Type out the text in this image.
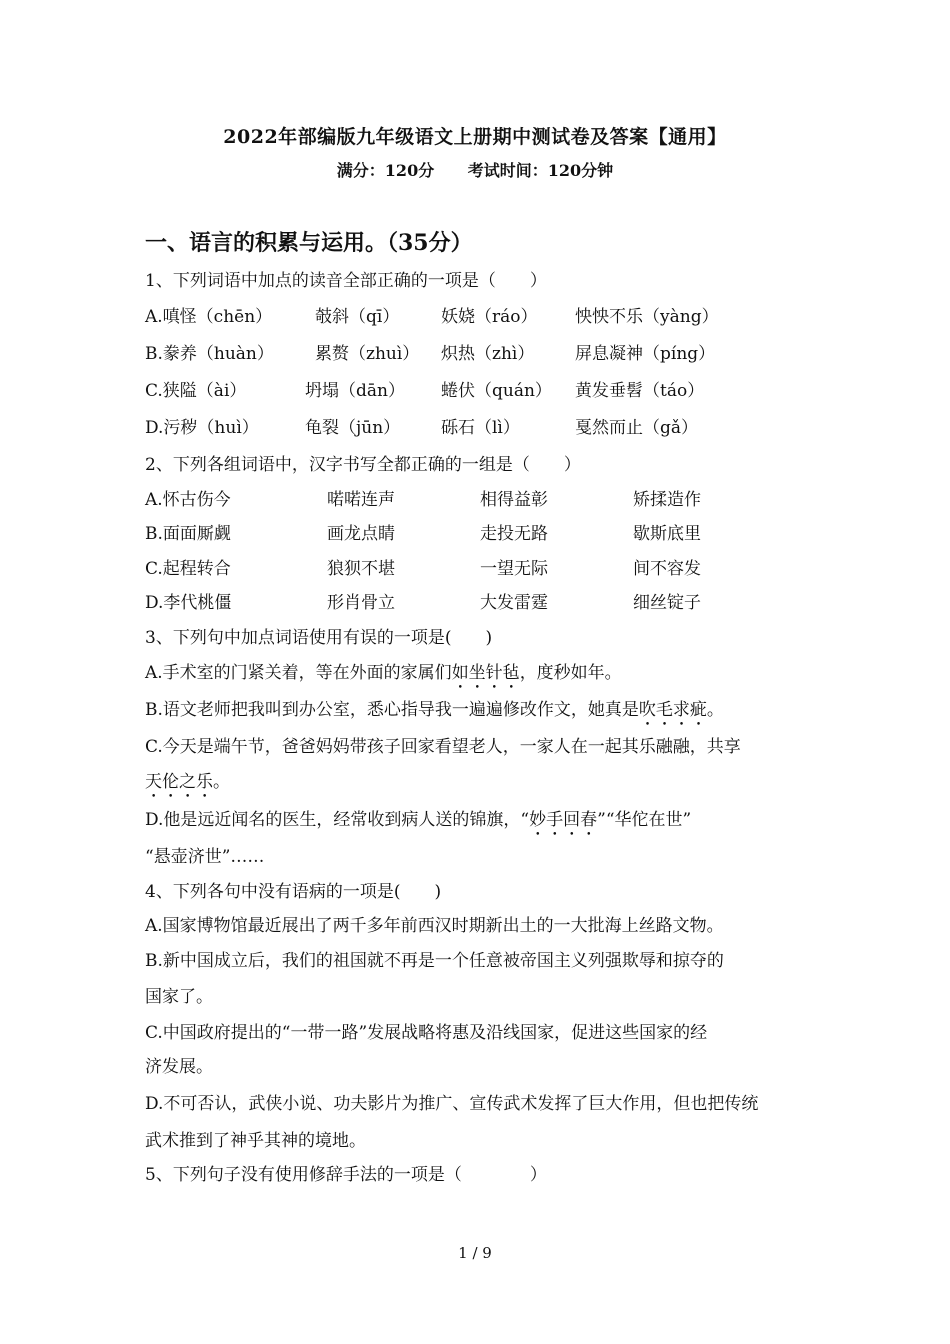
2022年部编版九年级语文上册期中测试卷及答案【通用】
满分：120分 考试时间：120分钟
一、语言的积累与运用。（35分）
1、下列词语中加点的读音全部正确的一项是（　　）
A.嗔怪（chēn）	攲斜（qī） 妖娆（ráo） 怏怏不乐（yàng）
B.豢养（huàn） 累赘（zhuì） 炽热（zhì） 屏息凝神（píng）
C.狭隘（ài）	坍塌（dān） 蜷伏（quán） 黄发垂髫（táo）
D.污秽（huì）	龟裂（jūn） 砾石（lì）	戛然而止（gǎ）
2、下列各组词语中，汉字书写全都正确的一组是（　　）
A.怀古伤今	喏喏连声	相得益彰	矫揉造作
B.面面厮觑	画龙点睛	走投无路	歇斯底里
C.起程转合	狼狈不堪	一望无际	间不容发
D.李代桃僵	形肖骨立	大发雷霆	细丝锭子
3、下列句中加点词语使用有误的一项是(　　)
A.手术室的门紧关着，等在外面的家属们如坐针毡，度秒如年。
B.语文老师把我叫到办公室，悉心指导我一遍遍修改作文，她真是吹毛求疵。
C.今天是端午节，爸爸妈妈带孩子回家看望老人，一家人在一起其乐融融，共享
天伦之乐。
D.他是远近闻名的医生，经常收到病人送的锦旗，“妙手回春”“华佗在世”
“悬壶济世”……
4、下列各句中没有语病的一项是(　　)
A.国家博物馆最近展出了两千多年前西汉时期新出土的一大批海上丝路文物。
B.新中国成立后，我们的祖国就不再是一个任意被帝国主义列强欺辱和掠夺的
国家了。
C.中国政府提出的“一带一路”发展战略将惠及沿线国家，促进这些国家的经
济发展。
D.不可否认，武侠小说、功夫影片为推广、宣传武术发挥了巨大作用，但也把传统
武术推到了神乎其神的境地。
5、下列句子没有使用修辞手法的一项是（　　　　）
1 / 9
